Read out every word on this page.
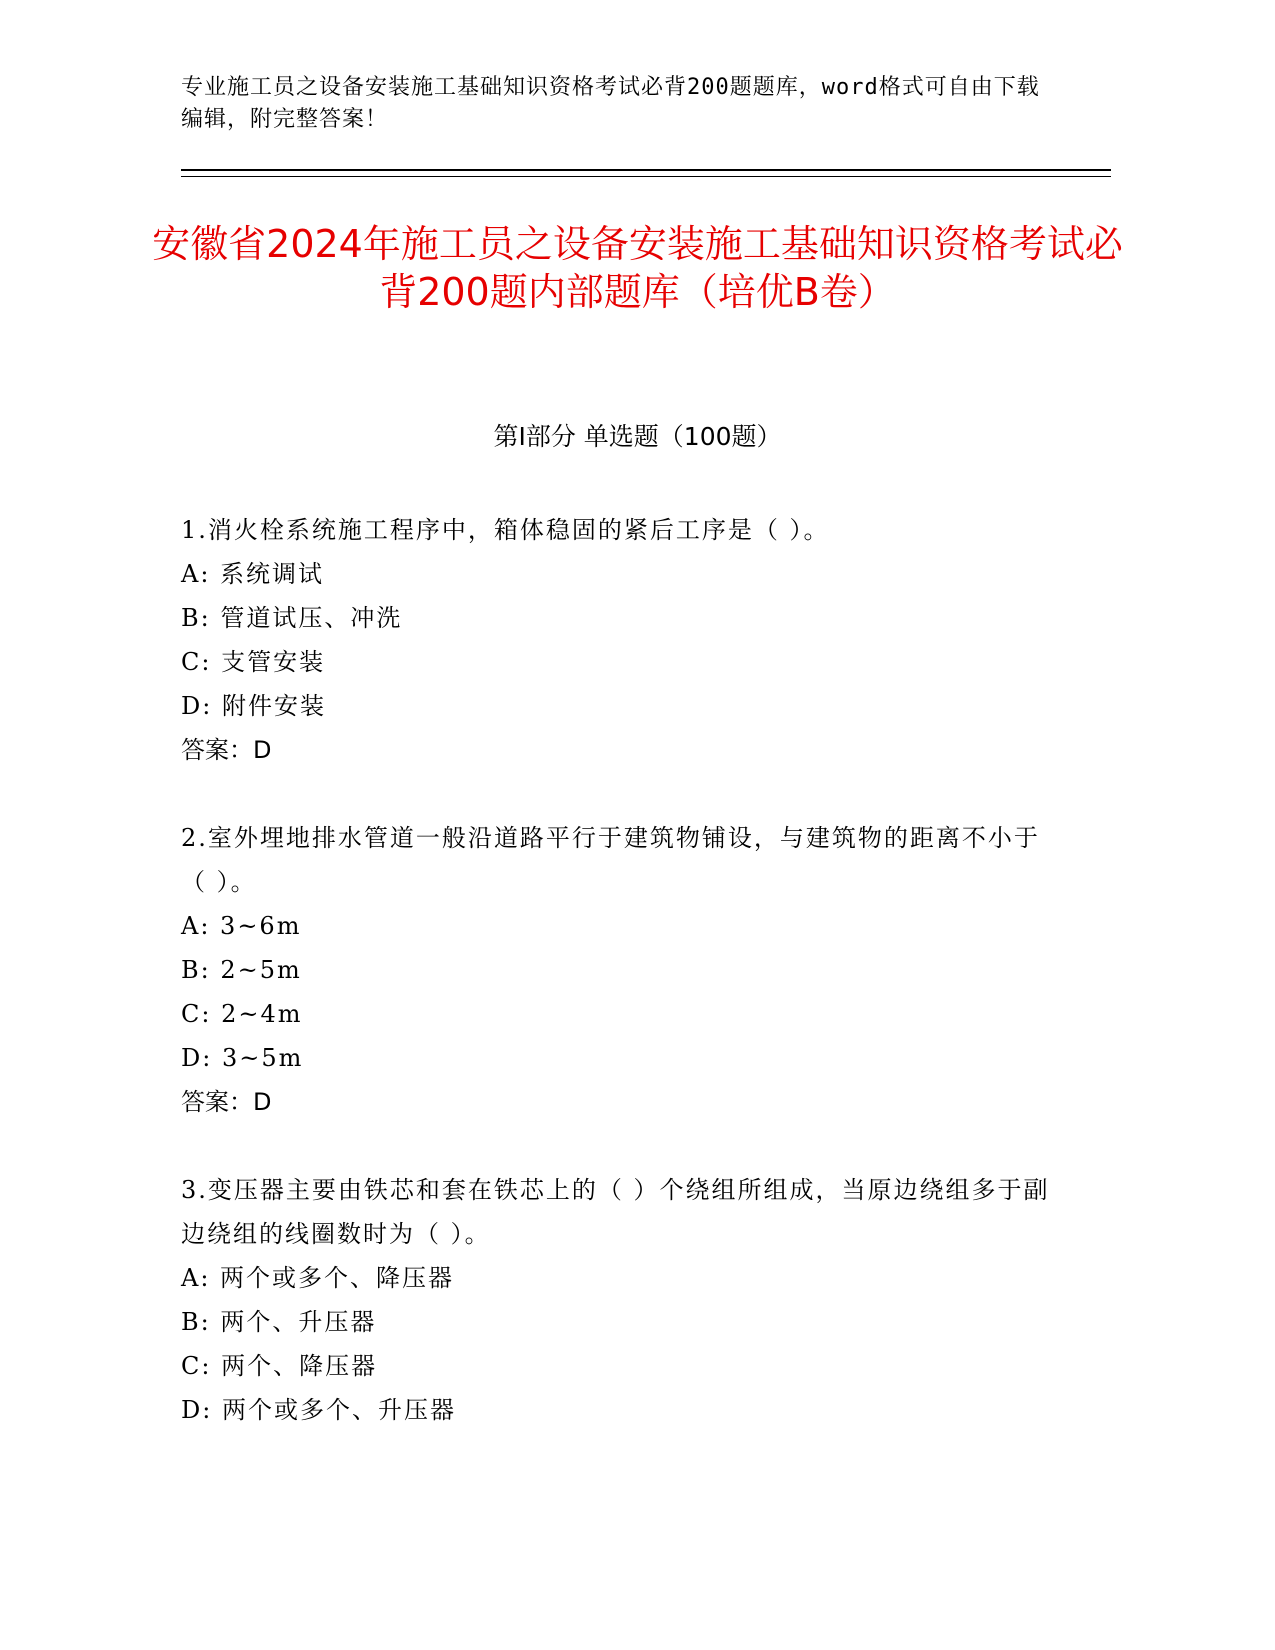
专业施工员之设备安装施工基础知识资格考试必背200题题库，word格式可自由下载编辑，附完整答案！
安徽省2024年施工员之设备安装施工基础知识资格考试必背200题内部题库（培优B卷）
第Ⅰ部分 单选题（100题）

1.消火栓系统施工程序中，箱体稳固的紧后工序是（ ）。

A: 系统调试

B: 管道试压、冲洗

C: 支管安装

D: 附件安装

答案：D

2.室外埋地排水管道一般沿道路平行于建筑物铺设，与建筑物的距离不小于（ ）。

A: 3~6m

B: 2~5m

C: 2~4m

D: 3~5m

答案：D

3.变压器主要由铁芯和套在铁芯上的（ ）个绕组所组成，当原边绕组多于副边绕组的线圈数时为（ ）。

A: 两个或多个、降压器

B: 两个、升压器

C: 两个、降压器

D: 两个或多个、升压器
